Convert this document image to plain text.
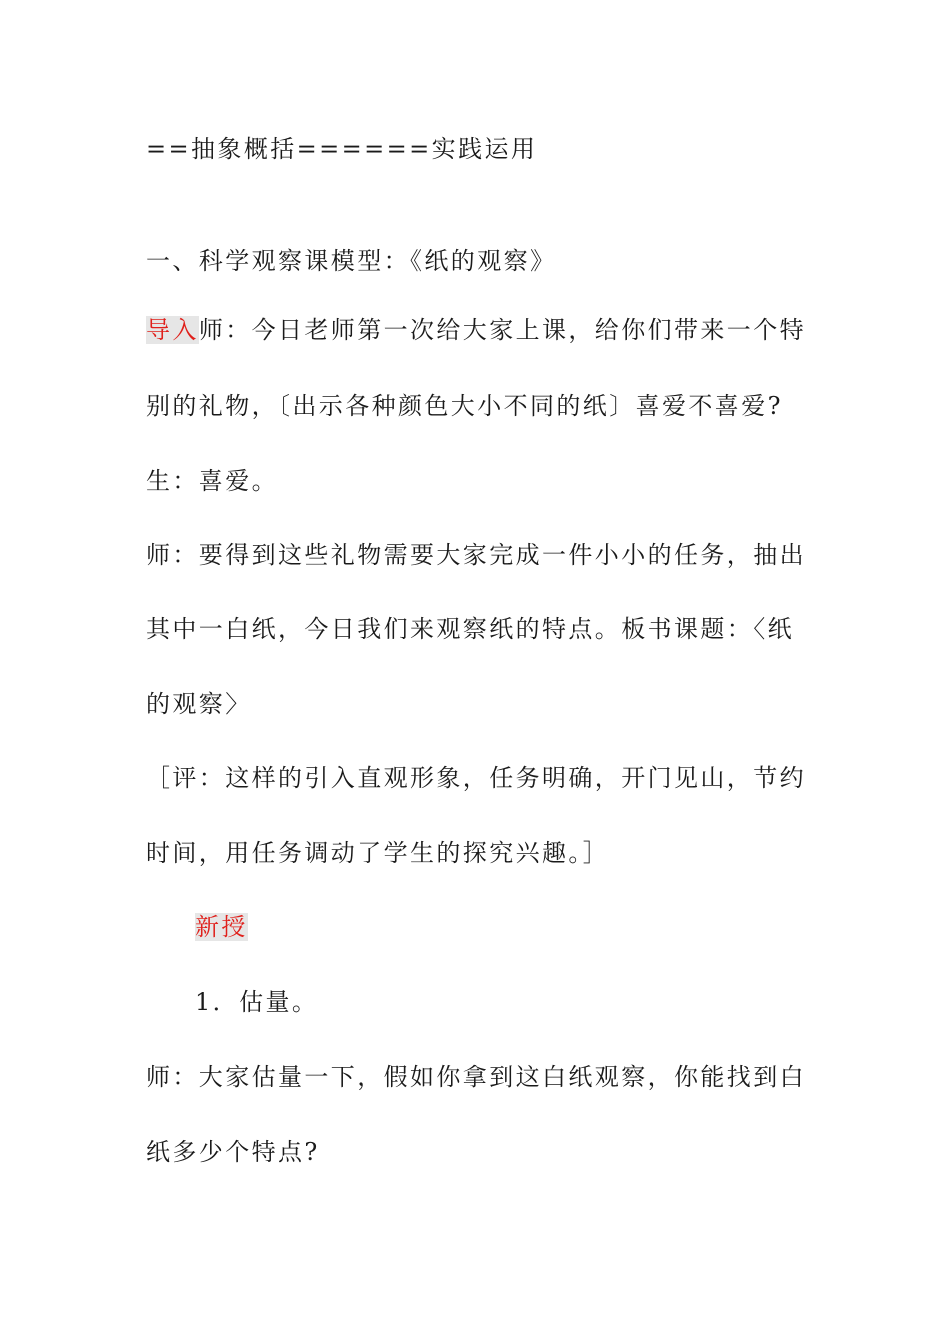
==抽象概括======实践运用
一、科学观察课模型：《纸的观察》
导入师：今日老师第一次给大家上课，给你们带来一个特
别的礼物，〔出示各种颜色大小不同的纸〕喜爱不喜爱?
生：喜爱。
师：要得到这些礼物需要大家完成一件小小的任务，抽出
其中一白纸，今日我们来观察纸的特点。板书课题：〈纸
的观察〉
［评：这样的引入直观形象，任务明确，开门见山，节约
时间，用任务调动了学生的探究兴趣。］
新授
1．估量。
师：大家估量一下，假如你拿到这白纸观察，你能找到白
纸多少个特点?
